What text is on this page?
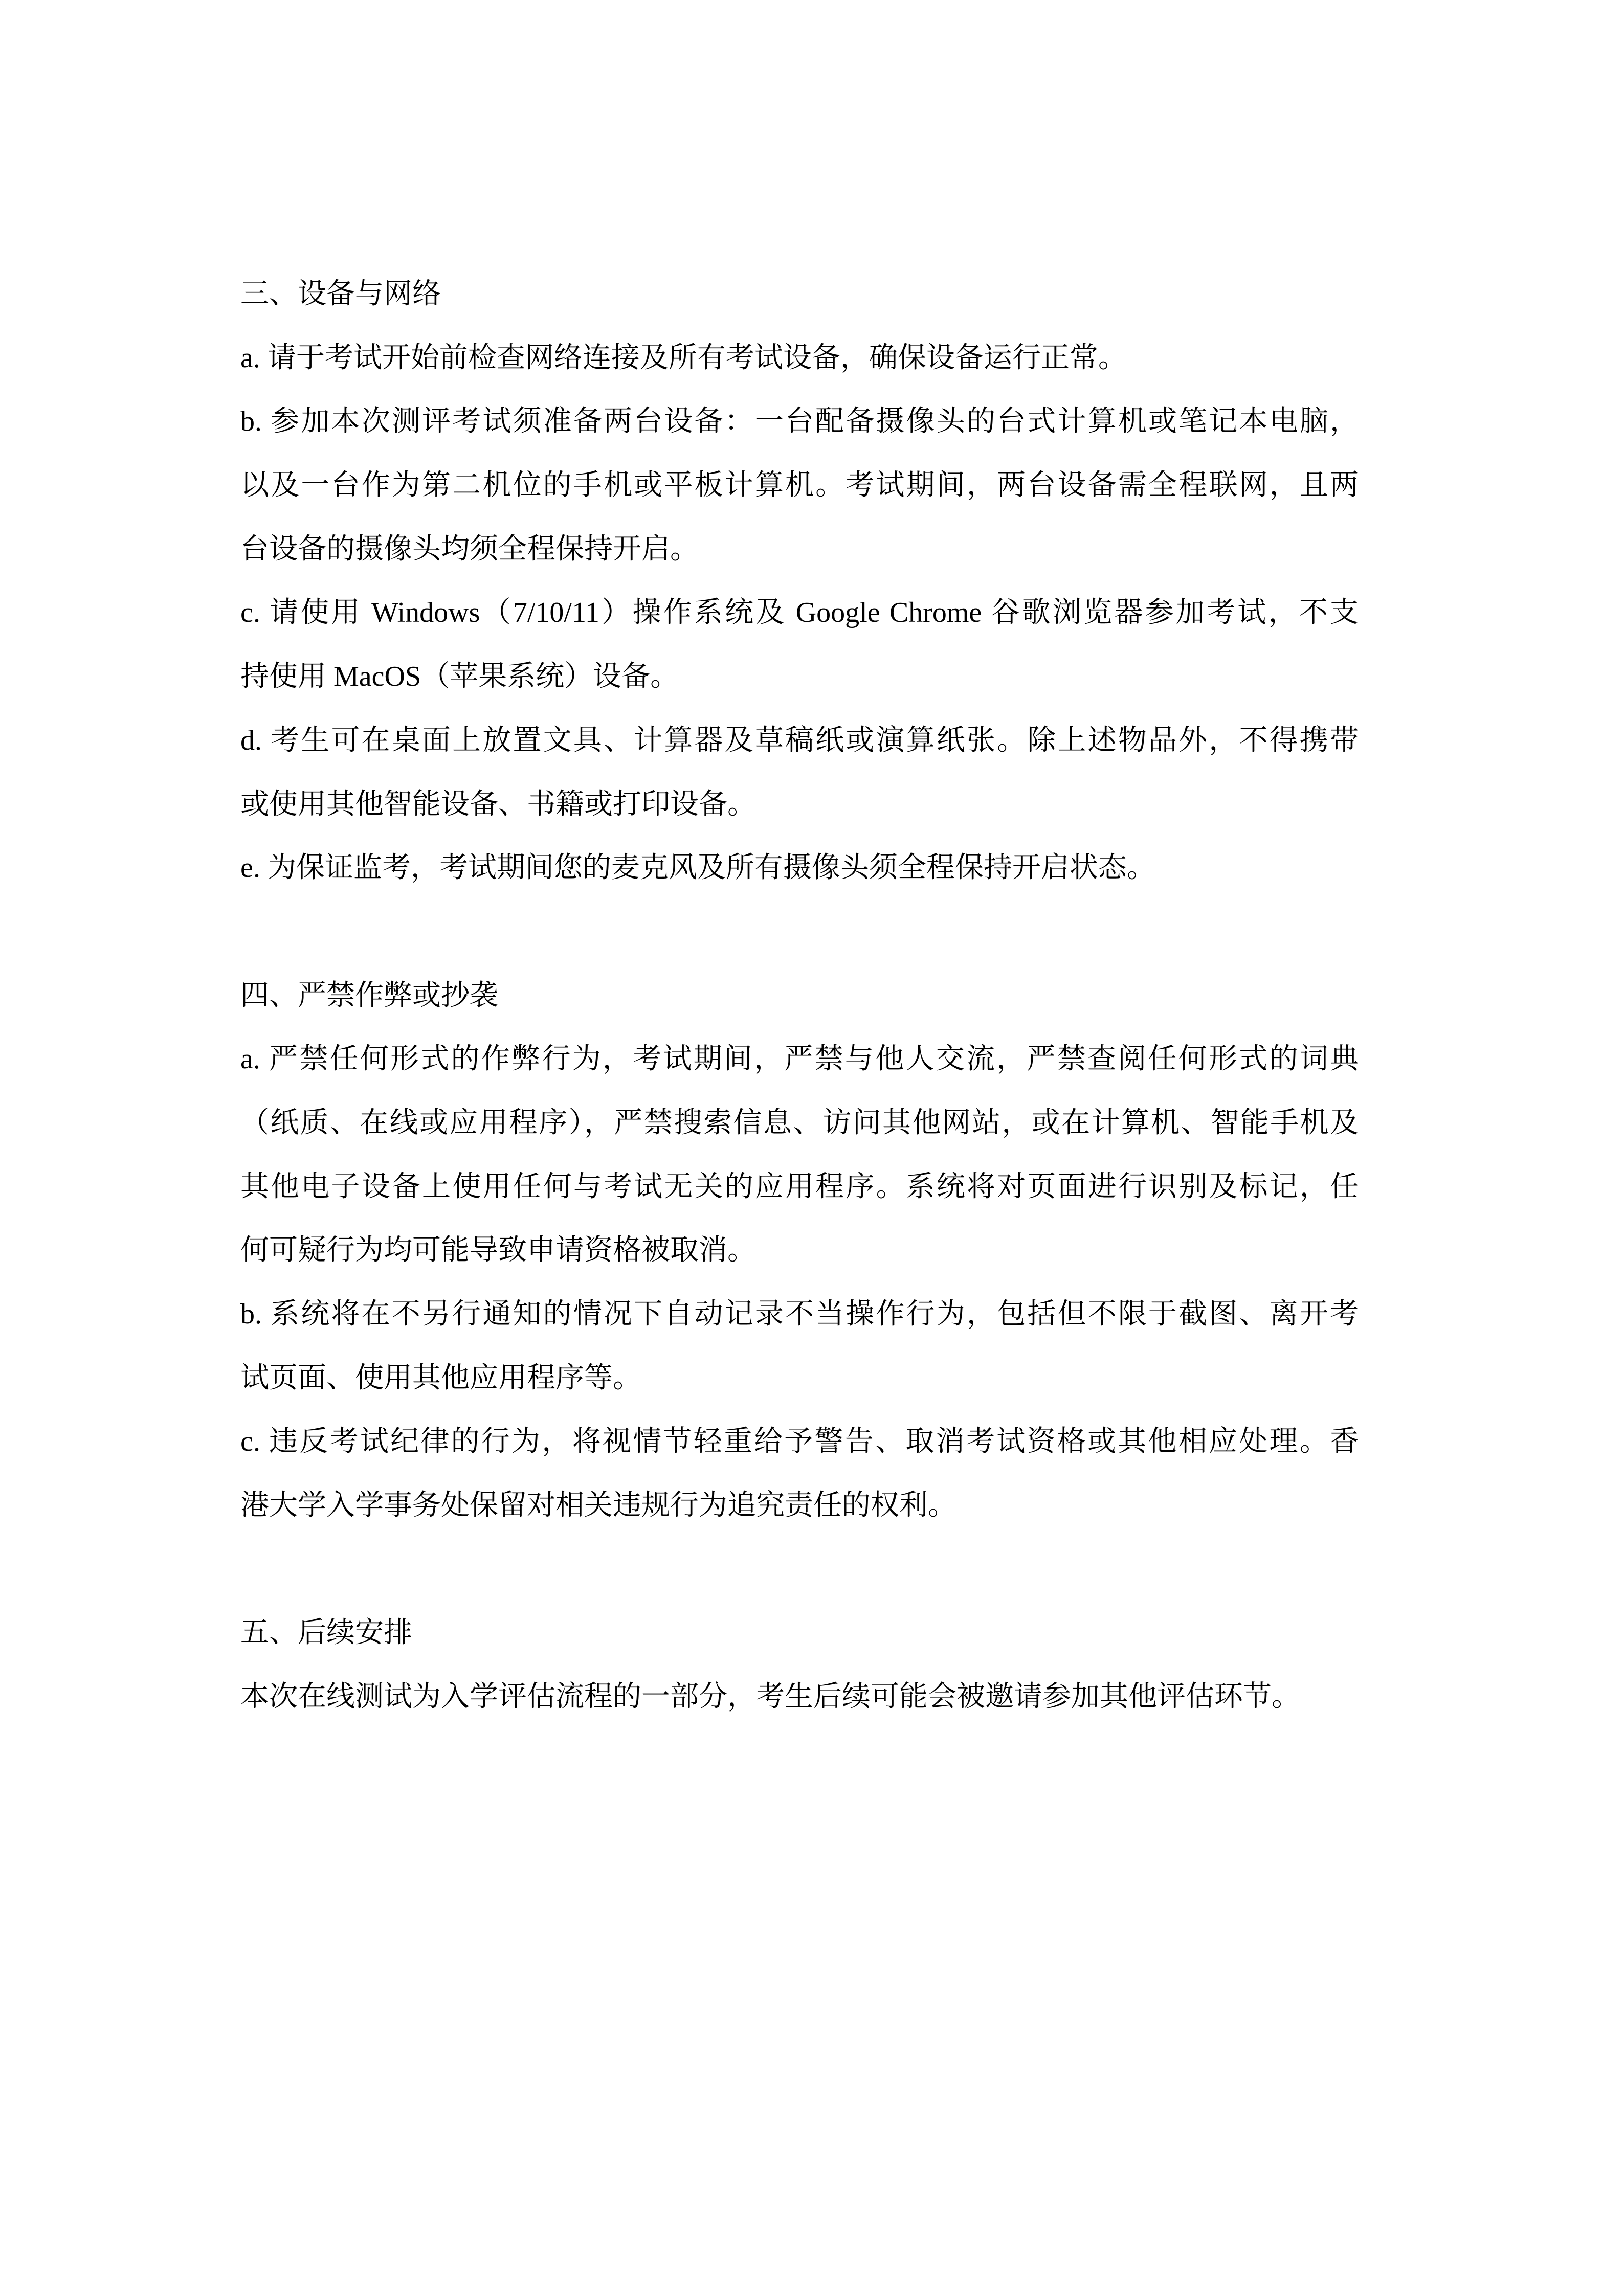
三、设备与网络
a. 请于考试开始前检查网络连接及所有考试设备，确保设备运行正常。
b. 参加本次测评考试须准备两台设备：一台配备摄像头的台式计算机或笔记本电脑，
以及一台作为第二机位的手机或平板计算机。考试期间，两台设备需全程联网，且两
台设备的摄像头均须全程保持开启。
c. 请使用 Windows（7/10/11）操作系统及 Google Chrome 谷歌浏览器参加考试，不支
持使用 MacOS（苹果系统）设备。
d. 考生可在桌面上放置文具、计算器及草稿纸或演算纸张。除上述物品外，不得携带
或使用其他智能设备、书籍或打印设备。
e. 为保证监考，考试期间您的麦克风及所有摄像头须全程保持开启状态。
四、严禁作弊或抄袭
a. 严禁任何形式的作弊行为，考试期间，严禁与他人交流，严禁查阅任何形式的词典
（纸质、在线或应用程序），严禁搜索信息、访问其他网站，或在计算机、智能手机及
其他电子设备上使用任何与考试无关的应用程序。系统将对页面进行识别及标记，任
何可疑行为均可能导致申请资格被取消。
b. 系统将在不另行通知的情况下自动记录不当操作行为，包括但不限于截图、离开考
试页面、使用其他应用程序等。
c. 违反考试纪律的行为，将视情节轻重给予警告、取消考试资格或其他相应处理。香
港大学入学事务处保留对相关违规行为追究责任的权利。
五、后续安排
本次在线测试为入学评估流程的一部分，考生后续可能会被邀请参加其他评估环节。
